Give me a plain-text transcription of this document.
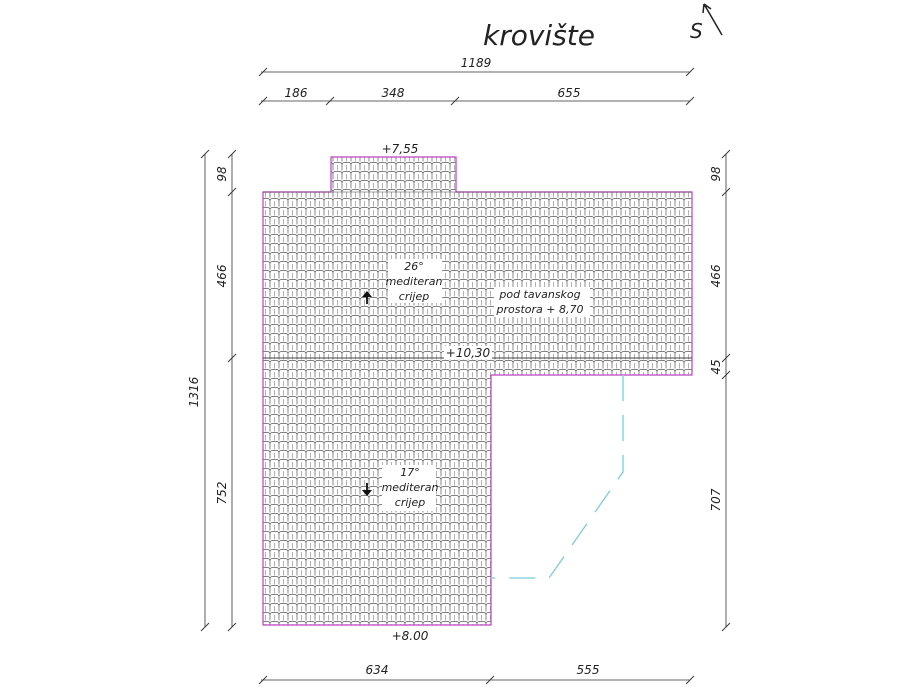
krovište	S
+7,55
+10,30
+8.00
26°
mediteran
crijep	pod tavanskog
prostora + 8,70
17°
mediteran
crijep
1189
186	348	655
634	555
1316
98
466
752
98
466
45
707
